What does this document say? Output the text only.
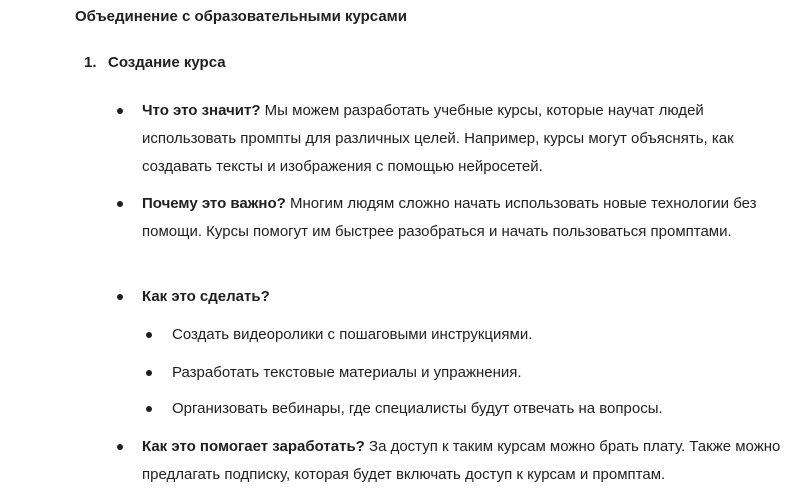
Объединение с образовательными курсами
1. Создание курса
Что это значит? Мы можем разработать учебные курсы, которые научат людей использовать промпты для различных целей. Например, курсы могут объяснять, как создавать тексты и изображения с помощью нейросетей.
Почему это важно? Многим людям сложно начать использовать новые технологии без помощи. Курсы помогут им быстрее разобраться и начать пользоваться промптами.
Как это сделать?
Создать видеоролики с пошаговыми инструкциями.
Разработать текстовые материалы и упражнения.
Организовать вебинары, где специалисты будут отвечать на вопросы.
Как это помогает заработать? За доступ к таким курсам можно брать плату. Также можно предлагать подписку, которая будет включать доступ к курсам и промптам.
